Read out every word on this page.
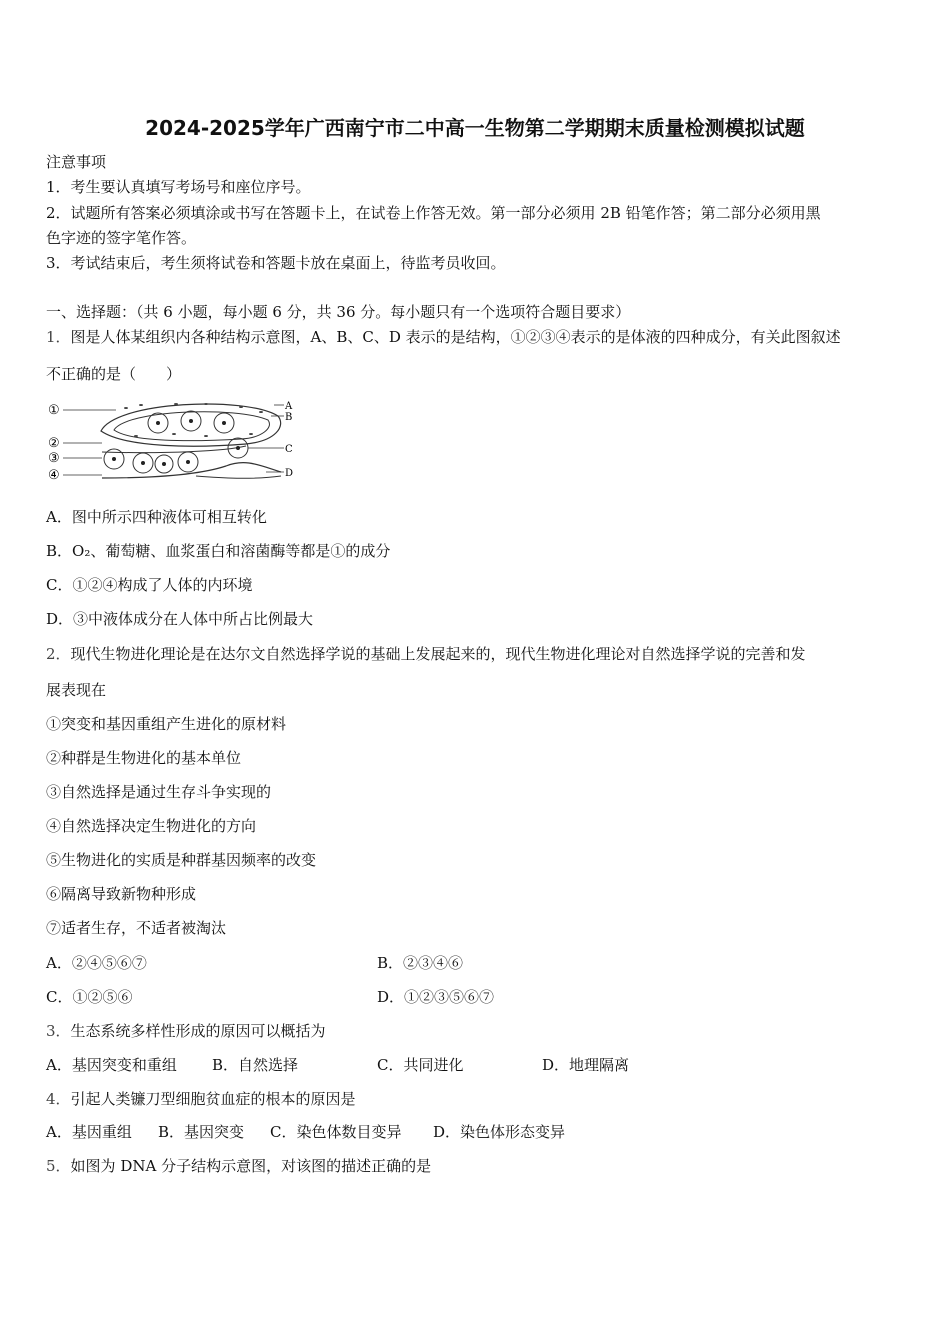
2024-2025学年广西南宁市二中高一生物第二学期期末质量检测模拟试题
注意事项
1．考生要认真填写考场号和座位序号。
2．试题所有答案必须填涂或书写在答题卡上，在试卷上作答无效。第一部分必须用 2B 铅笔作答；第二部分必须用黑
色字迹的签字笔作答。
3．考试结束后，考生须将试卷和答题卡放在桌面上，待监考员收回。
一、选择题：（共 6 小题，每小题 6 分，共 36 分。每小题只有一个选项符合题目要求）
1．图是人体某组织内各种结构示意图，A、B、C、D 表示的是结构，①②③④表示的是体液的四种成分，有关此图叙述
不正确的是（　　）
①
②
③
④
A
B
C
D
A．图中所示四种液体可相互转化
B．O₂、葡萄糖、血浆蛋白和溶菌酶等都是①的成分
C．①②④构成了人体的内环境
D．③中液体成分在人体中所占比例最大
2．现代生物进化理论是在达尔文自然选择学说的基础上发展起来的，现代生物进化理论对自然选择学说的完善和发
展表现在
①突变和基因重组产生进化的原材料
②种群是生物进化的基本单位
③自然选择是通过生存斗争实现的
④自然选择决定生物进化的方向
⑤生物进化的实质是种群基因频率的改变
⑥隔离导致新物种形成
⑦适者生存，不适者被淘汰
A．②④⑤⑥⑦	B．②③④⑥
C．①②⑤⑥	D．①②③⑤⑥⑦
3．生态系统多样性形成的原因可以概括为
A．基因突变和重组 B．自然选择	C．共同进化	D．地理隔离
4．引起人类镰刀型细胞贫血症的根本的原因是
A．基因重组 B．基因突变 C．染色体数目变异 D．染色体形态变异
5．如图为 DNA 分子结构示意图，对该图的描述正确的是
